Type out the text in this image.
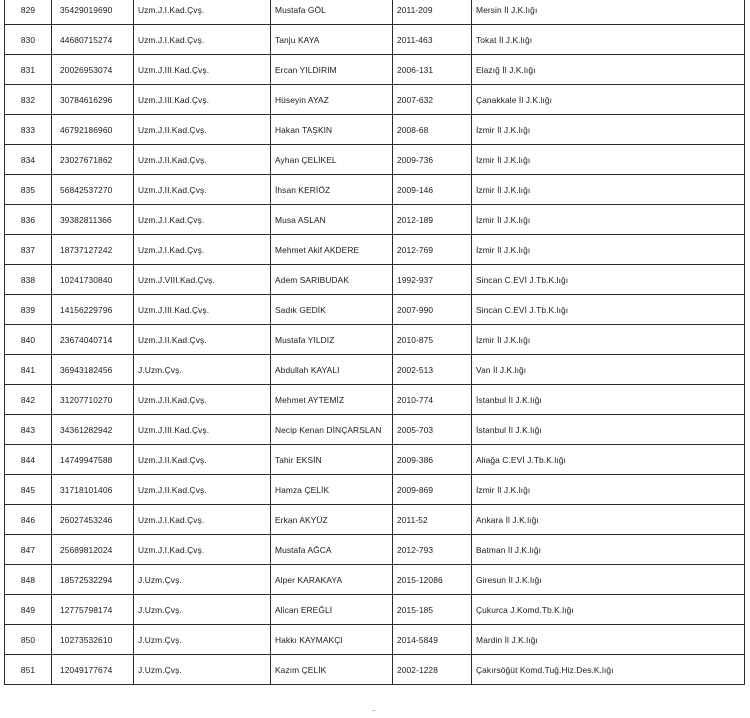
829	35429019690	Uzm.J.I.Kad.Çvş.	Mustafa GÖL	2011-209	Mersin İl J.K.lığı
830	44680715274	Uzm.J.I.Kad.Çvş.	Tanju KAYA	2011-463	Tokat İl J.K.lığı
831	20026953074	Uzm.J.III.Kad.Çvş.	Ercan YILDIRIM	2006-131	Elazığ İl J.K.lığı
832	30784616296	Uzm.J.III.Kad.Çvş.	Hüseyin AYAZ	2007-632	Çanakkale İl J.K.lığı
833	46792186960	Uzm.J.II.Kad.Çvş.	Hakan TAŞKIN	2008-68	İzmir İl J.K.lığı
834	23027671862	Uzm.J.II.Kad.Çvş.	Ayhan ÇELİKEL	2009-736	İzmir İl J.K.lığı
835	56842537270	Uzm.J.II.Kad.Çvş.	İhsan KERİÖZ	2009-146	İzmir İl J.K.lığı
836	39382811366	Uzm.J.I.Kad.Çvş.	Musa ASLAN	2012-189	İzmir İl J.K.lığı
837	18737127242	Uzm.J.I.Kad.Çvş.	Mehmet Akif AKDERE	2012-769	İzmir İl J.K.lığı
838	10241730840	Uzm.J.VIII.Kad.Çvş.	Adem SARIBUDAK	1992-937	Sincan C.EVİ J.Tb.K.lığı
839	14156229796	Uzm.J.III.Kad.Çvş.	Sadık GEDİK	2007-990	Sincan C.EVİ J.Tb.K.lığı
840	23674040714	Uzm.J.II.Kad.Çvş.	Mustafa YILDIZ	2010-875	İzmir İl J.K.lığı
841	36943182456	J.Uzm.Çvş.	Abdullah KAYALI	2002-513	Van İl J.K.lığı
842	31207710270	Uzm.J.II.Kad.Çvş.	Mehmet AYTEMİZ	2010-774	İstanbul İl J.K.lığı
843	34361282942	Uzm.J.III.Kad.Çvş.	Necip Kenan DİNÇARSLAN	2005-703	İstanbul İl J.K.lığı
844	14749947588	Uzm.J.II.Kad.Çvş.	Tahir EKSİN	2009-386	Aliağa C.EVİ J.Tb.K.lığı
845	31718101406	Uzm.J.II.Kad.Çvş.	Hamza ÇELİK	2009-869	İzmir İl J.K.lığı
846	26027453246	Uzm.J.I.Kad.Çvş.	Erkan AKYÜZ	2011-52	Ankara İl J.K.lığı
847	25689812024	Uzm.J.I.Kad.Çvş.	Mustafa AĞCA	2012-793	Batman İl J.K.lığı
848	18572532294	J.Uzm.Çvş.	Alper KARAKAYA	2015-12086	Giresun İl J.K.lığı
849	12775798174	J.Uzm.Çvş.	Alican EREĞLİ	2015-185	Çukurca J.Komd.Tb.K.lığı
850	10273532610	J.Uzm.Çvş.	Hakkı KAYMAKÇI	2014-5849	Mardin İl J.K.lığı
851	12049177674	J.Uzm.Çvş.	Kazım ÇELİK	2002-1228	Çakırsöğüt Komd.Tuğ.Hiz.Des.K.lığı
–
